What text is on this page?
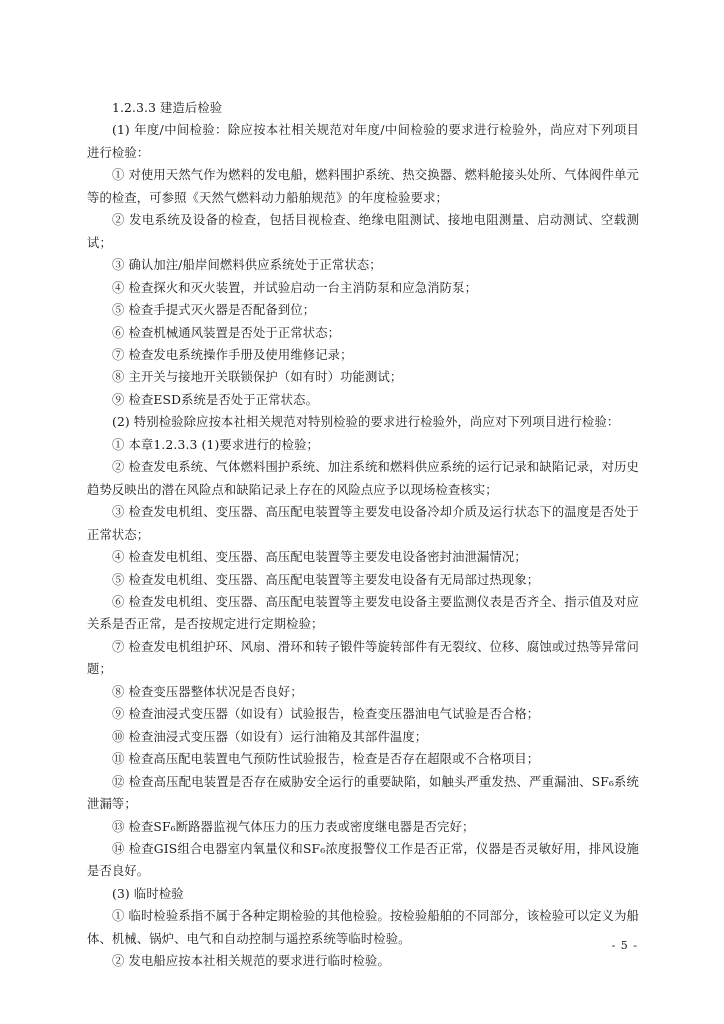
1.2.3.3 建造后检验

(1) 年度/中间检验：除应按本社相关规范对年度/中间检验的要求进行检验外，尚应对下列项目进行检验：

① 对使用天然气作为燃料的发电船，燃料围护系统、热交换器、燃料舱接头处所、气体阀件单元等的检查，可参照《天然气燃料动力船舶规范》的年度检验要求；

② 发电系统及设备的检查，包括目视检查、绝缘电阻测试、接地电阻测量、启动测试、空载测试；

③ 确认加注/船岸间燃料供应系统处于正常状态；

④ 检查探火和灭火装置，并试验启动一台主消防泵和应急消防泵；

⑤ 检查手提式灭火器是否配备到位；

⑥ 检查机械通风装置是否处于正常状态；

⑦ 检查发电系统操作手册及使用维修记录；

⑧ 主开关与接地开关联锁保护（如有时）功能测试；

⑨ 检查ESD系统是否处于正常状态。

(2) 特别检验除应按本社相关规范对特别检验的要求进行检验外，尚应对下列项目进行检验：

① 本章1.2.3.3 (1)要求进行的检验；

② 检查发电系统、气体燃料围护系统、加注系统和燃料供应系统的运行记录和缺陷记录，对历史趋势反映出的潜在风险点和缺陷记录上存在的风险点应予以现场检查核实；

③ 检查发电机组、变压器、高压配电装置等主要发电设备冷却介质及运行状态下的温度是否处于正常状态；

④ 检查发电机组、变压器、高压配电装置等主要发电设备密封油泄漏情况；

⑤ 检查发电机组、变压器、高压配电装置等主要发电设备有无局部过热现象；

⑥ 检查发电机组、变压器、高压配电装置等主要发电设备主要监测仪表是否齐全、指示值及对应关系是否正常，是否按规定进行定期检验；

⑦ 检查发电机组护环、风扇、滑环和转子锻件等旋转部件有无裂纹、位移、腐蚀或过热等异常问题；

⑧ 检查变压器整体状况是否良好；

⑨ 检查油浸式变压器（如设有）试验报告，检查变压器油电气试验是否合格；

⑩ 检查油浸式变压器（如设有）运行油箱及其部件温度；

⑪ 检查高压配电装置电气预防性试验报告，检查是否存在超限或不合格项目；

⑫ 检查高压配电装置是否存在威胁安全运行的重要缺陷，如触头严重发热、严重漏油、SF₆系统泄漏等；

⑬ 检查SF₆断路器监视气体压力的压力表或密度继电器是否完好；

⑭ 检查GIS组合电器室内氧量仪和SF₆浓度报警仪工作是否正常，仪器是否灵敏好用，排风设施是否良好。

(3) 临时检验

① 临时检验系指不属于各种定期检验的其他检验。按检验船舶的不同部分，该检验可以定义为船体、机械、锅炉、电气和自动控制与遥控系统等临时检验。

② 发电船应按本社相关规范的要求进行临时检验。

- 5 -
